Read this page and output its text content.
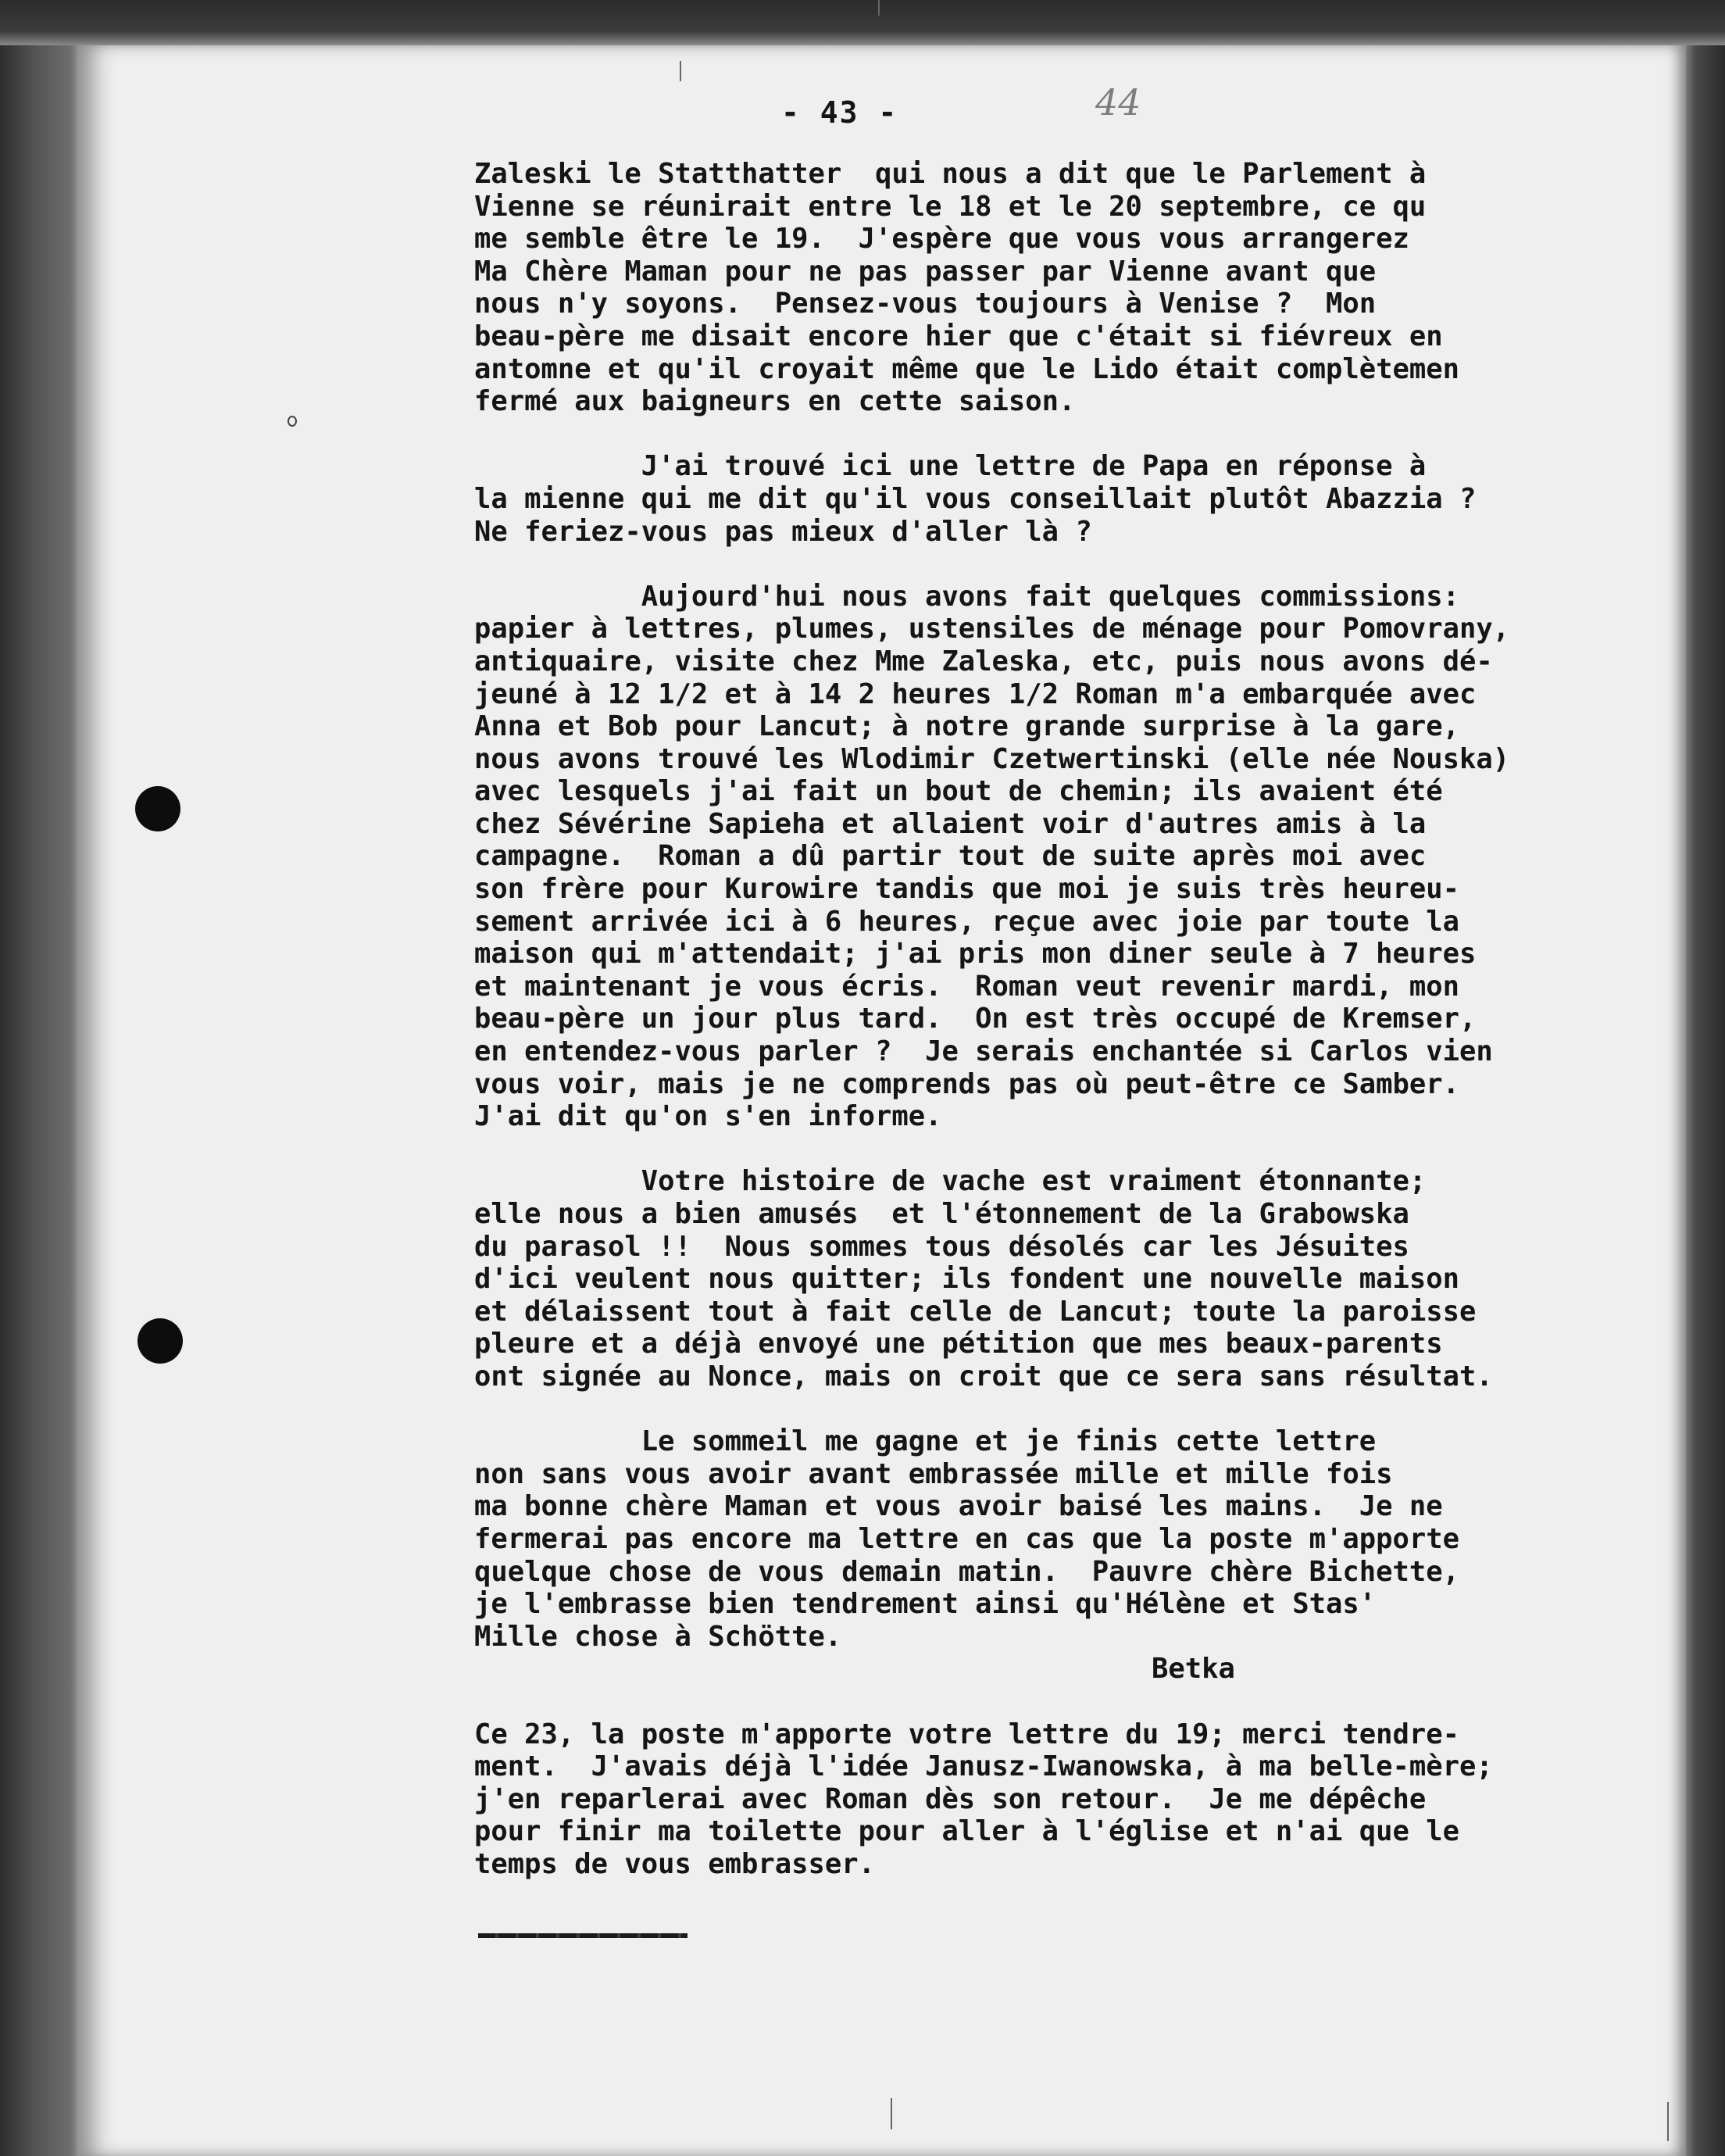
- 43 -	44
Zaleski le Statthatter  qui nous a dit que le Parlement à
Vienne se réunirait entre le 18 et le 20 septembre, ce qu
me semble être le 19.  J'espère que vous vous arrangerez
Ma Chère Maman pour ne pas passer par Vienne avant que
nous n'y soyons.  Pensez-vous toujours à Venise ?  Mon
beau-père me disait encore hier que c'était si fiévreux en
antomne et qu'il croyait même que le Lido était complètemen
fermé aux baigneurs en cette saison.
J'ai trouvé ici une lettre de Papa en réponse à
la mienne qui me dit qu'il vous conseillait plutôt Abazzia ?
Ne feriez-vous pas mieux d'aller là ?
Aujourd'hui nous avons fait quelques commissions:
papier à lettres, plumes, ustensiles de ménage pour Pomovrany,
antiquaire, visite chez Mme Zaleska, etc, puis nous avons dé-
jeuné à 12 1/2 et à 14 2 heures 1/2 Roman m'a embarquée avec
Anna et Bob pour Lancut; à notre grande surprise à la gare,
nous avons trouvé les Wlodimir Czetwertinski (elle née Nouska)
avec lesquels j'ai fait un bout de chemin; ils avaient été
chez Sévérine Sapieha et allaient voir d'autres amis à la
campagne.  Roman a dû partir tout de suite après moi avec
son frère pour Kurowire tandis que moi je suis très heureu-
sement arrivée ici à 6 heures, reçue avec joie par toute la
maison qui m'attendait; j'ai pris mon diner seule à 7 heures
et maintenant je vous écris.  Roman veut revenir mardi, mon
beau-père un jour plus tard.  On est très occupé de Kremser,
en entendez-vous parler ?  Je serais enchantée si Carlos vien
vous voir, mais je ne comprends pas où peut-être ce Samber.
J'ai dit qu'on s'en informe.
Votre histoire de vache est vraiment étonnante;
elle nous a bien amusés  et l'étonnement de la Grabowska
du parasol !!  Nous sommes tous désolés car les Jésuites
d'ici veulent nous quitter; ils fondent une nouvelle maison
et délaissent tout à fait celle de Lancut; toute la paroisse
pleure et a déjà envoyé une pétition que mes beaux-parents
ont signée au Nonce, mais on croit que ce sera sans résultat.
Le sommeil me gagne et je finis cette lettre
non sans vous avoir avant embrassée mille et mille fois
ma bonne chère Maman et vous avoir baisé les mains.  Je ne
fermerai pas encore ma lettre en cas que la poste m'apporte
quelque chose de vous demain matin.  Pauvre chère Bichette,
je l'embrasse bien tendrement ainsi qu'Hélène et Stas'
Mille chose à Schötte.
Betka
Ce 23, la poste m'apporte votre lettre du 19; merci tendre-
ment.  J'avais déjà l'idée Janusz-Iwanowska, à ma belle-mère;
j'en reparlerai avec Roman dès son retour.  Je me dépêche
pour finir ma toilette pour aller à l'église et n'ai que le
temps de vous embrasser.
